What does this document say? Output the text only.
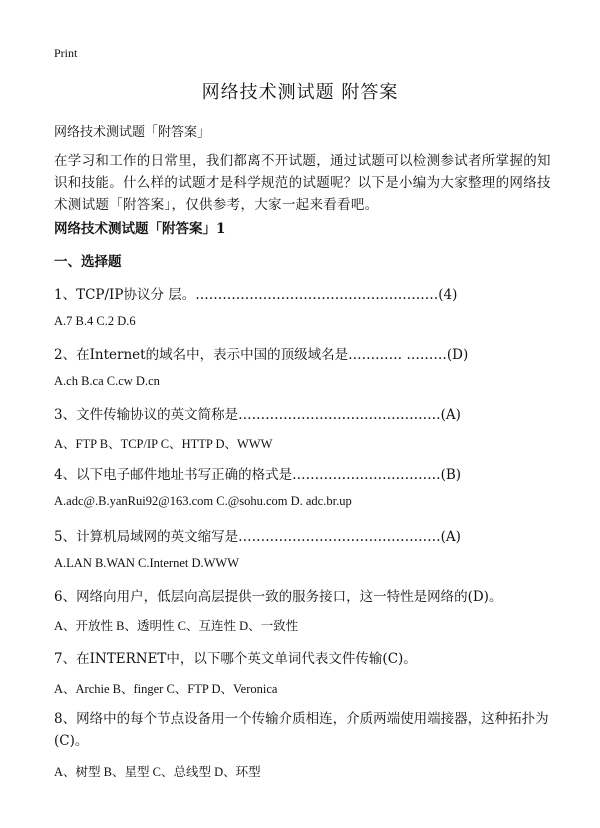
Print
网络技术测试题 附答案
网络技术测试题「附答案」

在学习和工作的日常里，我们都离不开试题，通过试题可以检测参试者所掌握的知识和技能。什么样的试题才是科学规范的试题呢？以下是小编为大家整理的网络技术测试题「附答案」，仅供参考，大家一起来看看吧。

网络技术测试题「附答案」1
一、选择题
1、TCP/IP协议分 层。………………………………………………(4)
A.7 B.4 C.2 D.6
2、在Internet的域名中，表示中国的顶级域名是………… ………(D)
A.ch B.ca C.cw D.cn
3、文件传输协议的英文简称是………………………………………(A)
A、FTP B、TCP/IP C、HTTP D、WWW
4、以下电子邮件地址书写正确的格式是……………………………(B)
A.adc@.B.yanRui92@163.com C.@sohu.com D. adc.br.up
5、计算机局域网的英文缩写是………………………………………(A)
A.LAN B.WAN C.Internet D.WWW
6、网络向用户，低层向高层提供一致的服务接口，这一特性是网络的(D)。
A、开放性 B、透明性 C、互连性 D、一致性
7、在INTERNET中，以下哪个英文单词代表文件传输(C)。
A、Archie B、finger C、FTP D、Veronica
8、网络中的每个节点设备用一个传输介质相连，介质两端使用端接器，这种拓扑为(C)。
A、树型 B、星型 C、总线型 D、环型
